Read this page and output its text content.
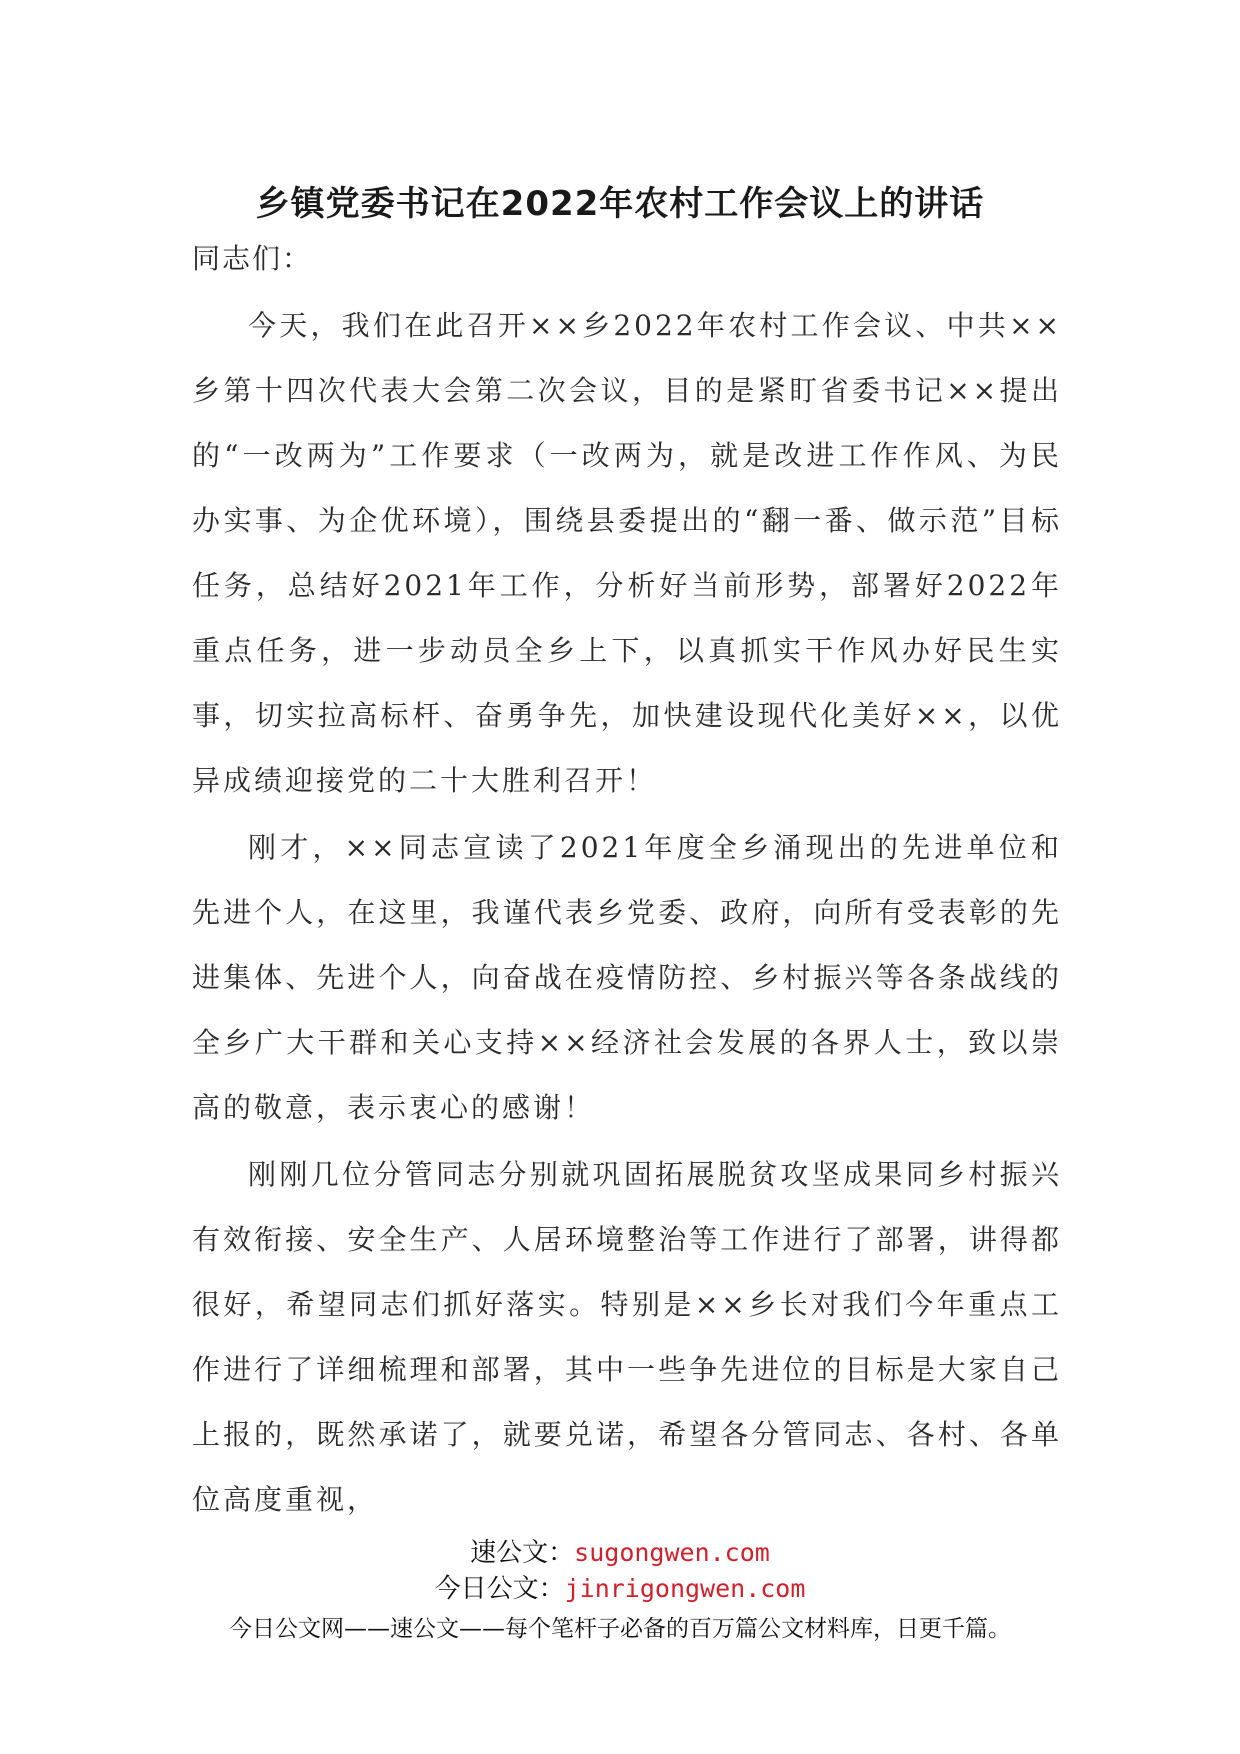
乡镇党委书记在2022年农村工作会议上的讲话

同志们：

今天，我们在此召开××乡2022年农村工作会议、中共××乡第十四次代表大会第二次会议，目的是紧盯省委书记××提出的“一改两为”工作要求（一改两为，就是改进工作作风、为民办实事、为企优环境），围绕县委提出的“翻一番、做示范”目标任务，总结好2021年工作，分析好当前形势，部署好2022年重点任务，进一步动员全乡上下，以真抓实干作风办好民生实事，切实拉高标杆、奋勇争先，加快建设现代化美好××，以优异成绩迎接党的二十大胜利召开！

刚才，××同志宣读了2021年度全乡涌现出的先进单位和先进个人，在这里，我谨代表乡党委、政府，向所有受表彰的先进集体、先进个人，向奋战在疫情防控、乡村振兴等各条战线的全乡广大干群和关心支持××经济社会发展的各界人士，致以崇高的敬意，表示衷心的感谢！

刚刚几位分管同志分别就巩固拓展脱贫攻坚成果同乡村振兴有效衔接、安全生产、人居环境整治等工作进行了部署，讲得都很好，希望同志们抓好落实。特别是××乡长对我们今年重点工作进行了详细梳理和部署，其中一些争先进位的目标是大家自己上报的，既然承诺了，就要兑诺，希望各分管同志、各村、各单位高度重视，

速公文：sugongwen.com
今日公文：jinrigongwen.com
今日公文网——速公文——每个笔杆子必备的百万篇公文材料库，日更千篇。
